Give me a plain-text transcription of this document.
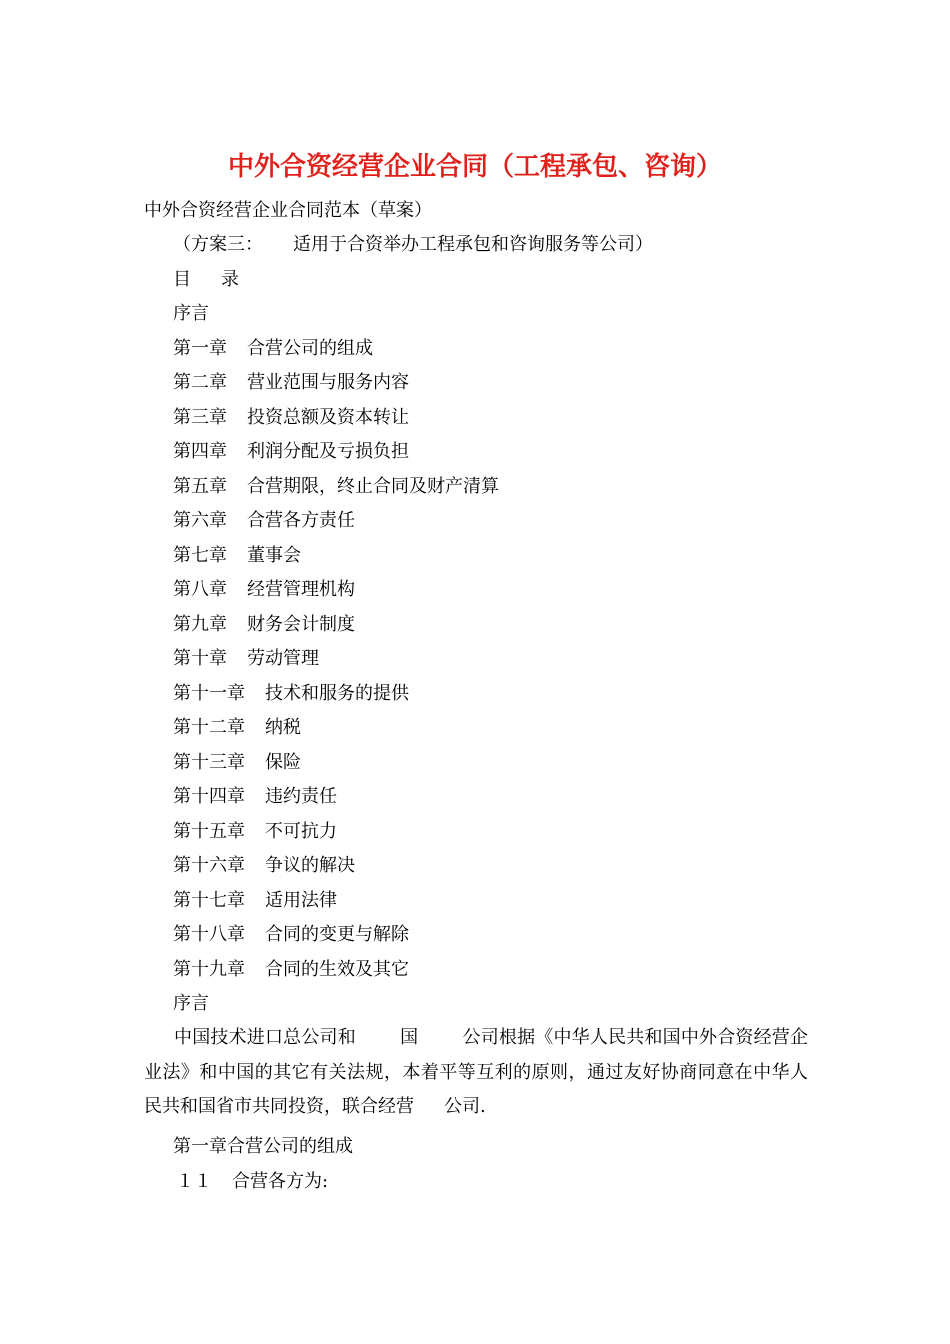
中外合资经营企业合同（工程承包、咨询）
中外合资经营企业合同范本（草案）
（方案三： 适用于合资举办工程承包和咨询服务等公司）
目 录
序言
第一章 合营公司的组成
第二章 营业范围与服务内容
第三章 投资总额及资本转让
第四章 利润分配及亏损负担
第五章 合营期限，终止合同及财产清算
第六章 合营各方责任
第七章 董事会
第八章 经营管理机构
第九章 财务会计制度
第十章 劳动管理
第十一章 技术和服务的提供
第十二章 纳税
第十三章 保险
第十四章 违约责任
第十五章 不可抗力
第十六章 争议的解决
第十七章 适用法律
第十八章 合同的变更与解除
第十九章 合同的生效及其它
序言
中国技术进口总公司和 国 公司根据《中华人民共和国中外合资经营企业法》和中国的其它有关法规，本着平等互利的原则，通过友好协商同意在中华人民共和国省市共同投资，联合经营 公司.
第一章合营公司的组成
１１ 合营各方为:
